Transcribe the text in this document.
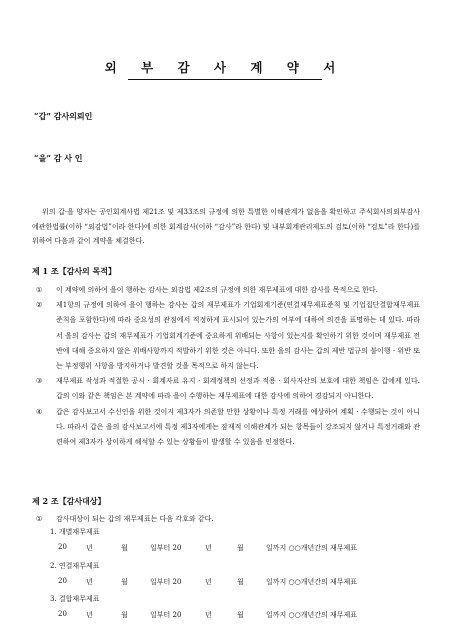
외 부 감 사 계 약 서
“갑” 감사의뢰인
“을” 감 사 인

위의 갑·을 양자는 공인회계사법 제21조 및 제33조의 규정에 의한 특별한 이해관계가 없음을 확인하고 주식회사의외부감사에관한법률(이하 “외감법”이라 한다)에 의한 회계감사(이하 “감사”라 한다) 및 내부회계관리제도의 검토(이하 “검토”라 한다)를 위하여 다음과 같이 계약을 체결한다.

제 1 조【감사의 목적】
① 이 계약에 의하여 을이 행하는 감사는 외감법 제2조의 규정에 의한 재무제표에 대한 감사를 목적으로 한다.
② 제1항의 규정에 의하여 을이 행하는 감사는 갑의 재무제표가 기업회계기준(연결재무제표준칙 및 기업집단결합재무제표준칙을 포함한다)에 따라 중요성의 관점에서 적정하게 표시되어 있는가의 여부에 대하여 의견을 표명하는 데 있다. 따라서 을의 감사는 갑의 재무제표가 기업회계기준에 중요하게 위배되는 사항이 있는지를 확인하기 위한 것이며 재무제표 전반에 대해 중요하지 않은 위배사항까지 적발하기 위한 것은 아니다. 또한 을의 감사는 갑의 제반 법규의 불이행 · 위반 또는 부정행위 사항을 방지하거나 발견할 것을 목적으로 하지 않는다.
③ 재무제표 작성과 적절한 공시 · 회계자료 유지 · 회계정책의 선정과 적용 · 회사자산의 보호에 대한 책임은 갑에게 있다. 갑의 이와 같은 책임은 본 계약에 따라 을이 수행하는 재무제표에 대한 감사에 의하여 경감되지 아니한다.
④ 갑은 감사보고서 수신인을 위한 것이지 제3자가 의존할 만한 상황이나 특정 거래를 예상하여 계획 · 수행되는 것이 아니다. 따라서 갑은 을의 감사보고서에 특정 제3자에게는 잠재적 이해관계가 되는 항목들이 강조되지 않거나 특정거래와 관련하여 제3자가 상이하게 해석할 수 있는 상황들이 발생할 수 있음을 인정한다.
제 2 조【감사대상】
① 감사대상이 되는 갑의 재무제표는 다음 각호와 같다.
1. 개별재무제표
20	년	월	일부터 20	년	월	일까지 ○○개년간의 재무제표
2. 연결재무제표
20	년	월	일부터 20	년	월	일까지 ○○개년간의 재무제표
3. 결합재무제표
20	년	월	일부터 20	년	월	일까지 ○○개년간의 재무제표
